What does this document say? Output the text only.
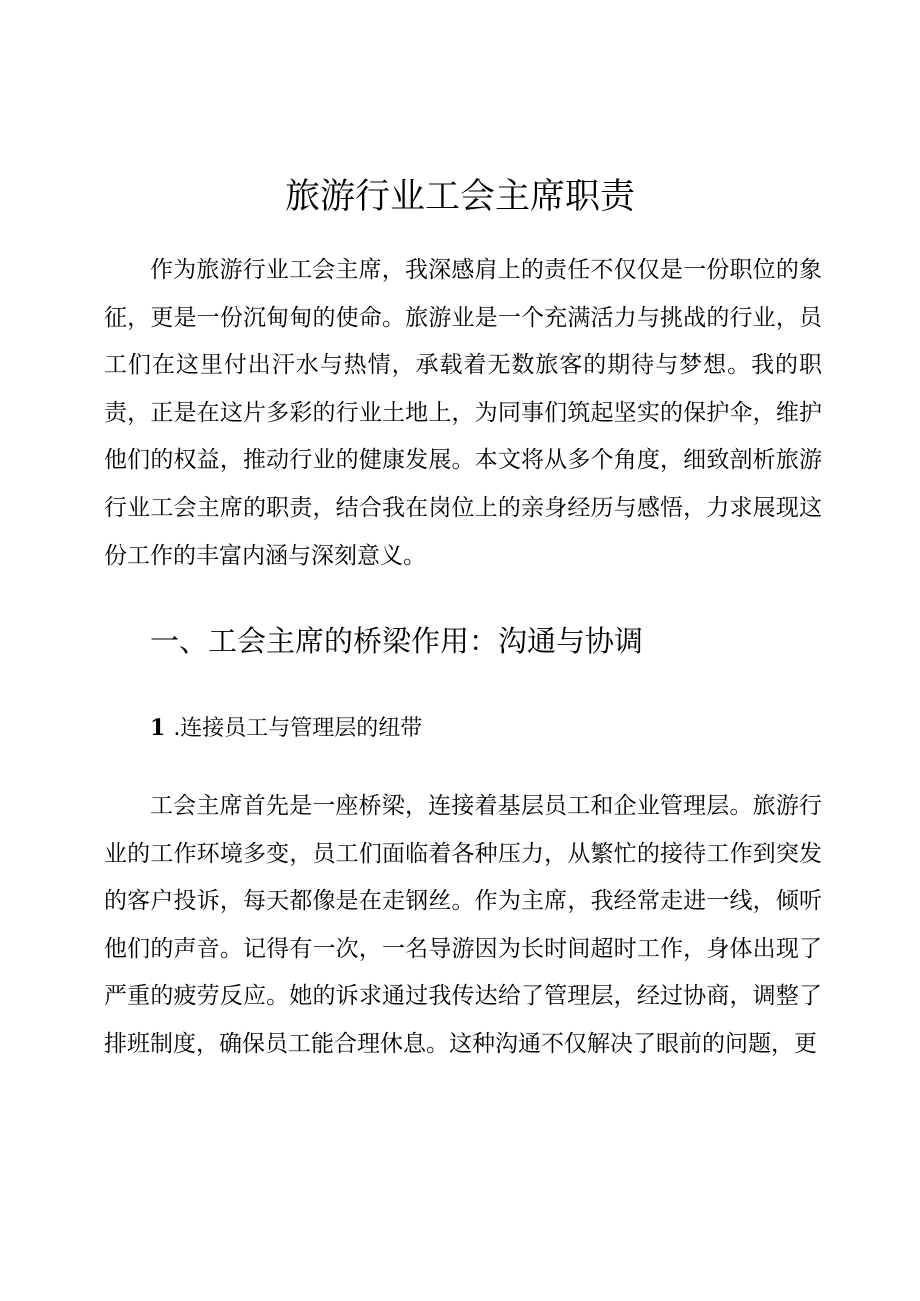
旅游行业工会主席职责

作为旅游行业工会主席，我深感肩上的责任不仅仅是一份职位的象征，更是一份沉甸甸的使命。旅游业是一个充满活力与挑战的行业，员工们在这里付出汗水与热情，承载着无数旅客的期待与梦想。我的职责，正是在这片多彩的行业土地上，为同事们筑起坚实的保护伞，维护他们的权益，推动行业的健康发展。本文将从多个角度，细致剖析旅游行业工会主席的职责，结合我在岗位上的亲身经历与感悟，力求展现这份工作的丰富内涵与深刻意义。

一、工会主席的桥梁作用：沟通与协调
1 .连接员工与管理层的纽带

工会主席首先是一座桥梁，连接着基层员工和企业管理层。旅游行业的工作环境多变，员工们面临着各种压力，从繁忙的接待工作到突发的客户投诉，每天都像是在走钢丝。作为主席，我经常走进一线，倾听他们的声音。记得有一次，一名导游因为长时间超时工作，身体出现了严重的疲劳反应。她的诉求通过我传达给了管理层，经过协商，调整了排班制度，确保员工能合理休息。这种沟通不仅解决了眼前的问题，更
